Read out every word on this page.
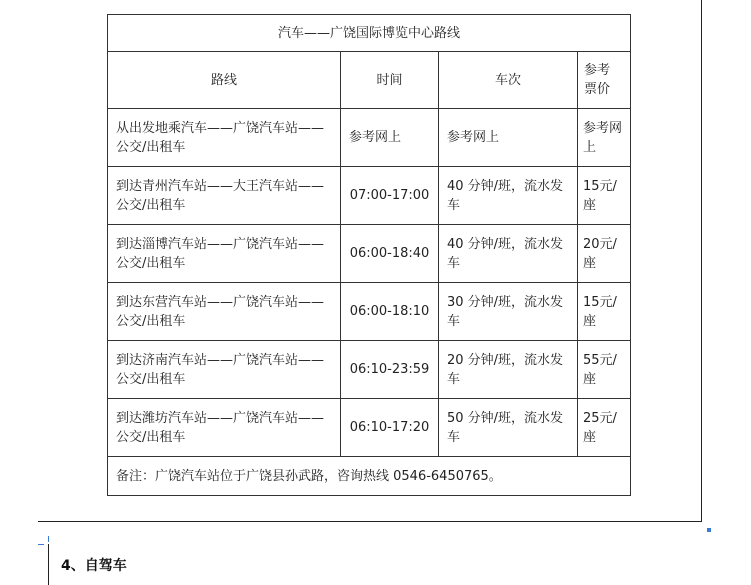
汽车——广饶国际博览中心路线			
路线	时间	车次	参考票价
从出发地乘汽车——广饶汽车站——公交/出租车	参考网上	参考网上	参考网上
到达青州汽车站——大王汽车站——公交/出租车	07:00-17:00	40 分钟/班，流水发车	15元/座
到达淄博汽车站——广饶汽车站——公交/出租车	06:00-18:40	40 分钟/班，流水发车	20元/座
到达东营汽车站——广饶汽车站——公交/出租车	06:00-18:10	30 分钟/班，流水发车	15元/座
到达济南汽车站——广饶汽车站——公交/出租车	06:10-23:59	20 分钟/班，流水发车	55元/座
到达潍坊汽车站——广饶汽车站——公交/出租车	06:10-17:20	50 分钟/班，流水发车	25元/座
备注：广饶汽车站位于广饶县孙武路，咨询热线 0546-6450765。			
4、自驾车
